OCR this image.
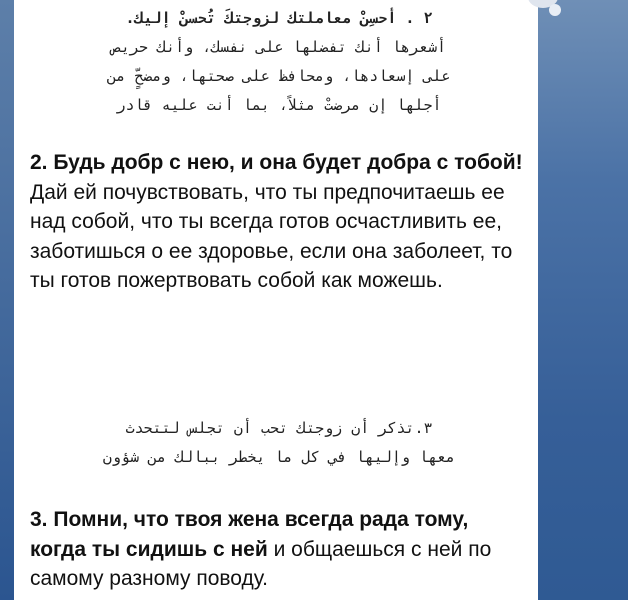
٢ . أحسِنْ معاملتك لزوجتكَ تُحسنْ إليك.
أشعرها أنك تفضلها على نفسك، وأنك حريص
على إسعادها، ومحافظ على صحتها، ومضحٍّ من
أجلها إن مرضتْ مثلاً، بما أنت عليه قادر
2. Будь добр с нею, и она будет добра с тобой! Дай ей почувствовать, что ты предпочитаешь ее над собой, что ты всегда готов осчастливить ее, заботишься о ее здоровье, если она заболеет, то ты готов пожертвовать собой как можешь.
٣.تذكر أن زوجتك تحب أن تجلس لتتحدث
معها وإليها في كل ما يخطر ببالك من شؤون
3. Помни, что твоя жена всегда рада тому, когда ты сидишь с ней и общаешься с ней по самому разному поводу.
